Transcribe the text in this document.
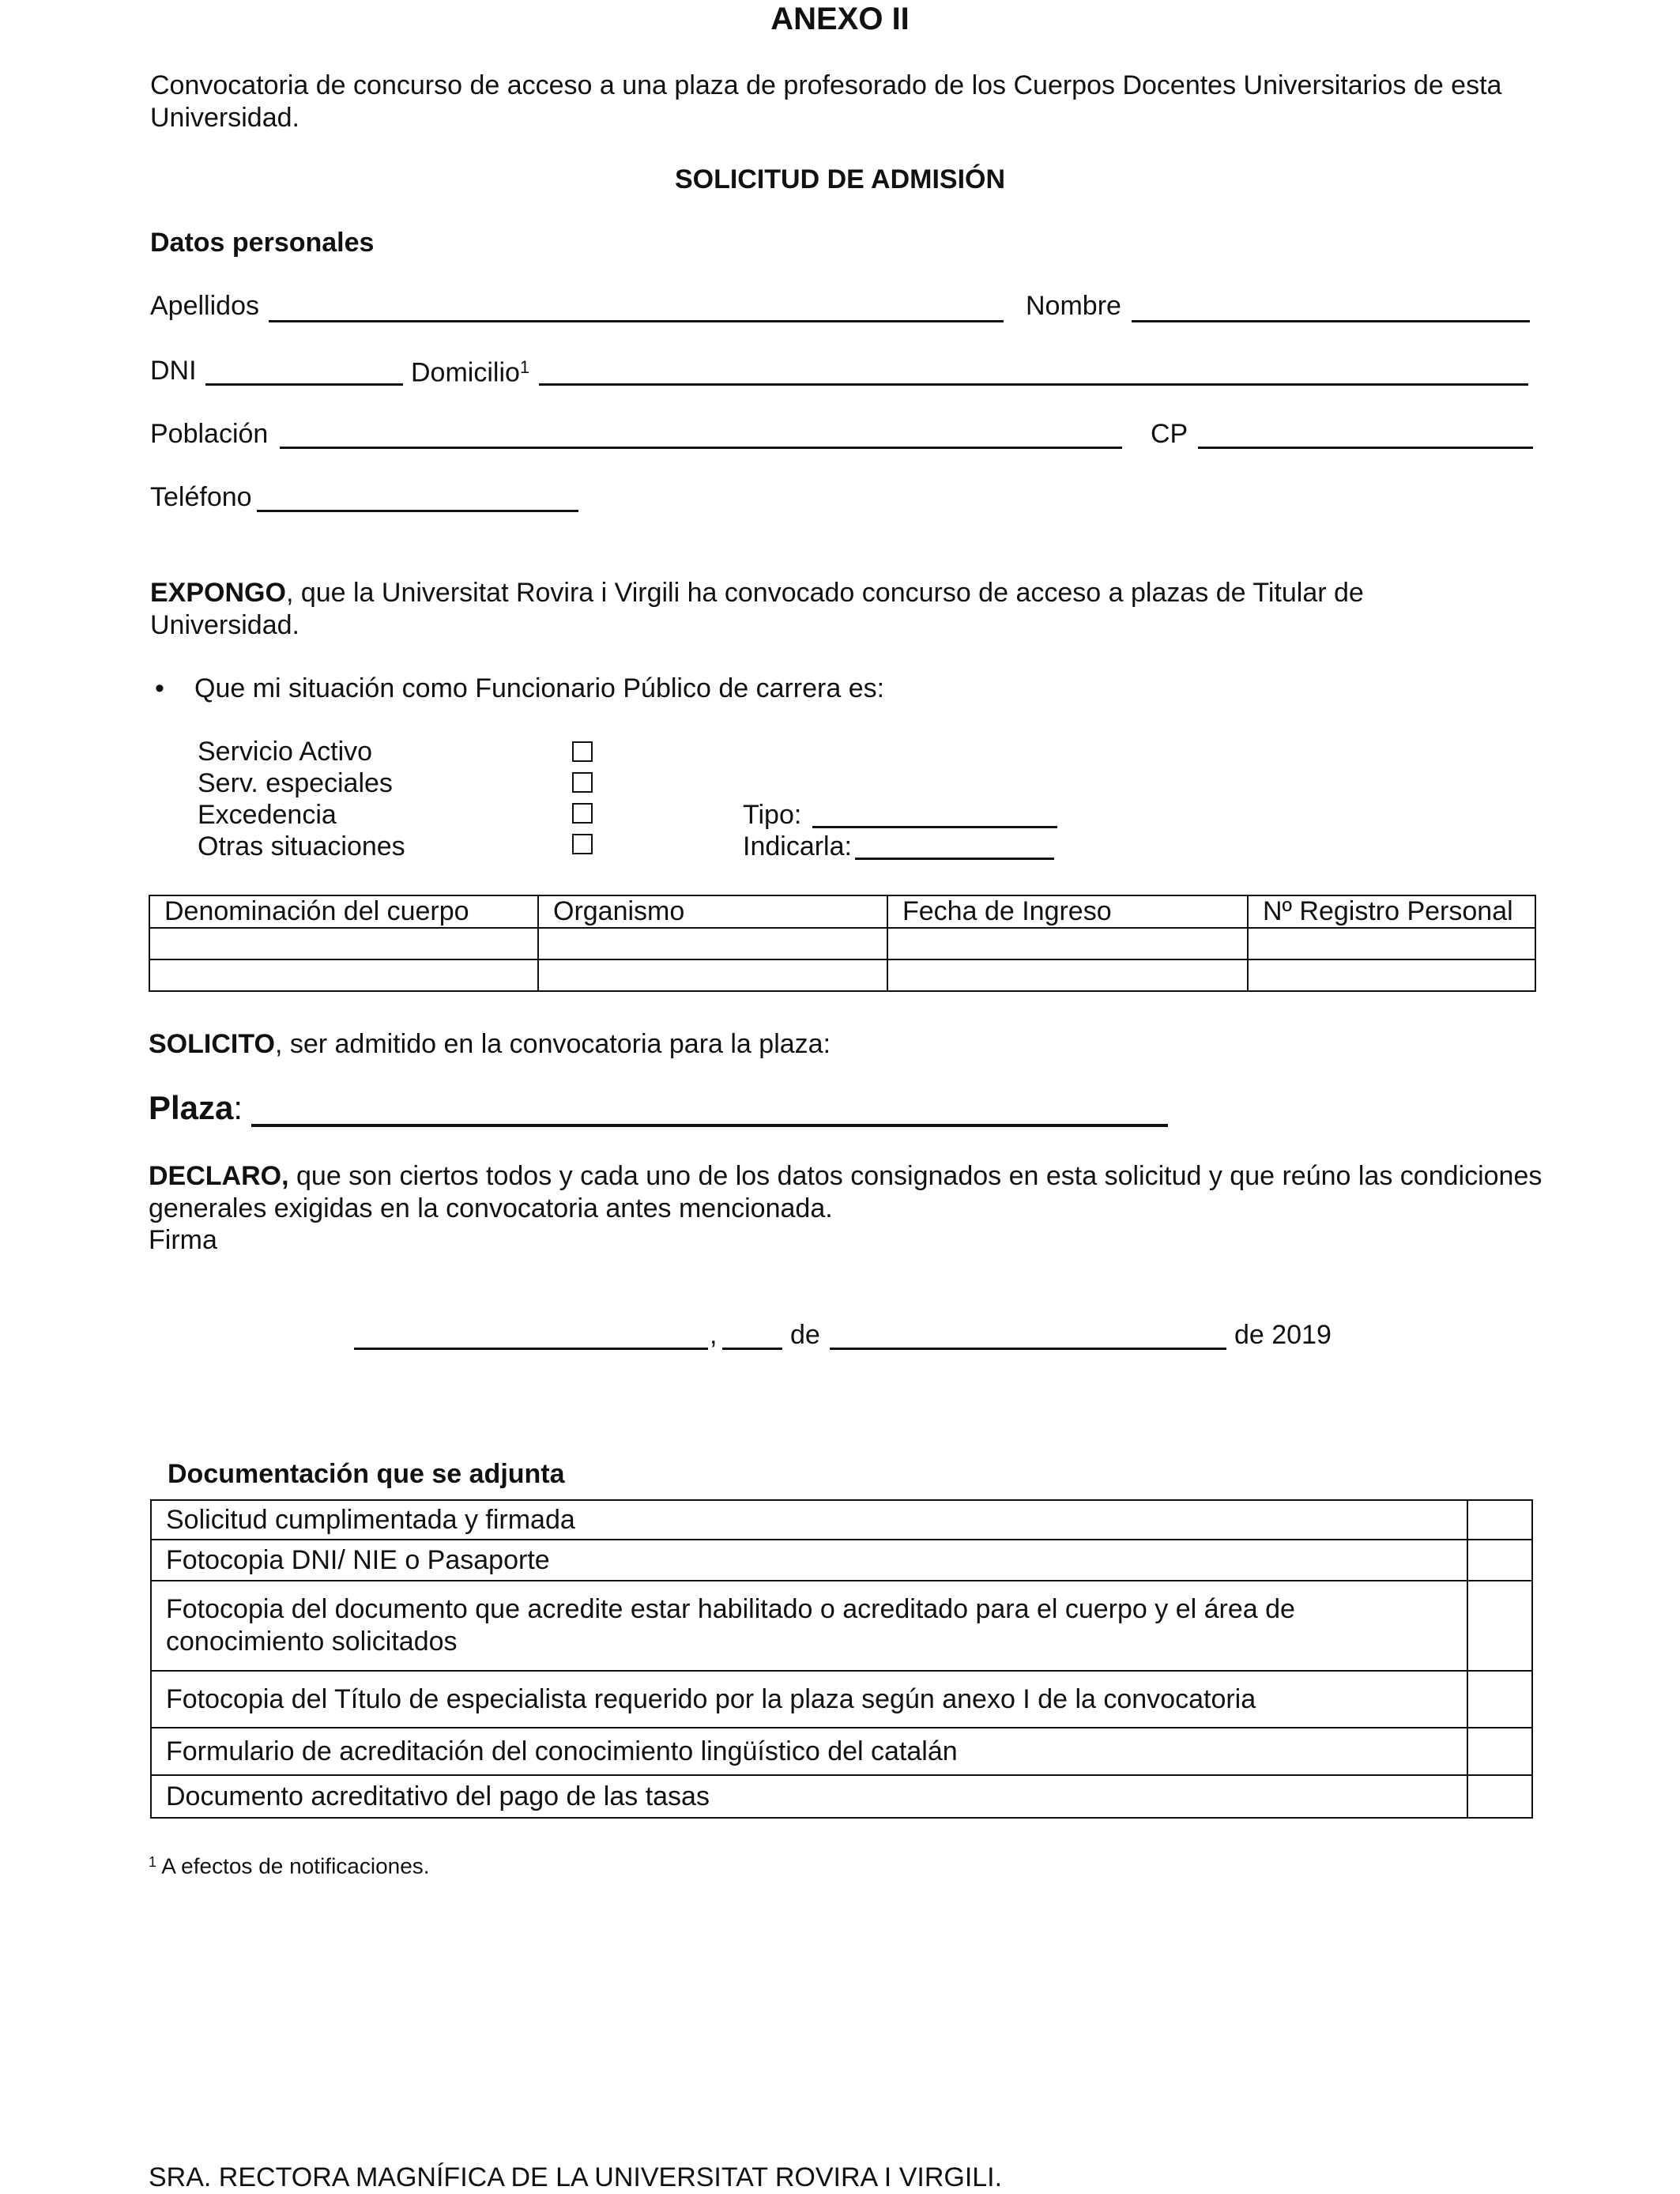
ANEXO II
Convocatoria de concurso de acceso a una plaza de profesorado de los Cuerpos Docentes Universitarios de esta Universidad.
SOLICITUD DE ADMISIÓN
Datos personales
Apellidos	Nombre
DNI	Domicilio$^1$
Población	CP
Teléfono
EXPONGO, que la Universitat Rovira i Virgili ha convocado concurso de acceso a plazas de Titular de Universidad.
• Que mi situación como Funcionario Público de carrera es:
Servicio Activo
Serv. especiales
Excedencia
Otras situaciones
Tipo:
Indicarla:
Denominación del cuerpo	Organismo	Fecha de Ingreso	Nº Registro Personal

SOLICITO, ser admitido en la convocatoria para la plaza:
Plaza:
DECLARO, que son ciertos todos y cada uno de los datos consignados en esta solicitud y que reúno las condiciones generales exigidas en la convocatoria antes mencionada.
Firma
,	de	de 2019
Documentación que se adjunta
Solicitud cumplimentada y firmada	
Fotocopia DNI/ NIE o Pasaporte	
Fotocopia del documento que acredite estar habilitado o acreditado para el cuerpo y el área de conocimiento solicitados	
Fotocopia del Título de especialista requerido por la plaza según anexo I de la convocatoria	
Formulario de acreditación del conocimiento lingüístico del catalán	
Documento acreditativo del pago de las tasas	
$^1$ A efectos de notificaciones.
SRA. RECTORA MAGNÍFICA DE LA UNIVERSITAT ROVIRA I VIRGILI.
